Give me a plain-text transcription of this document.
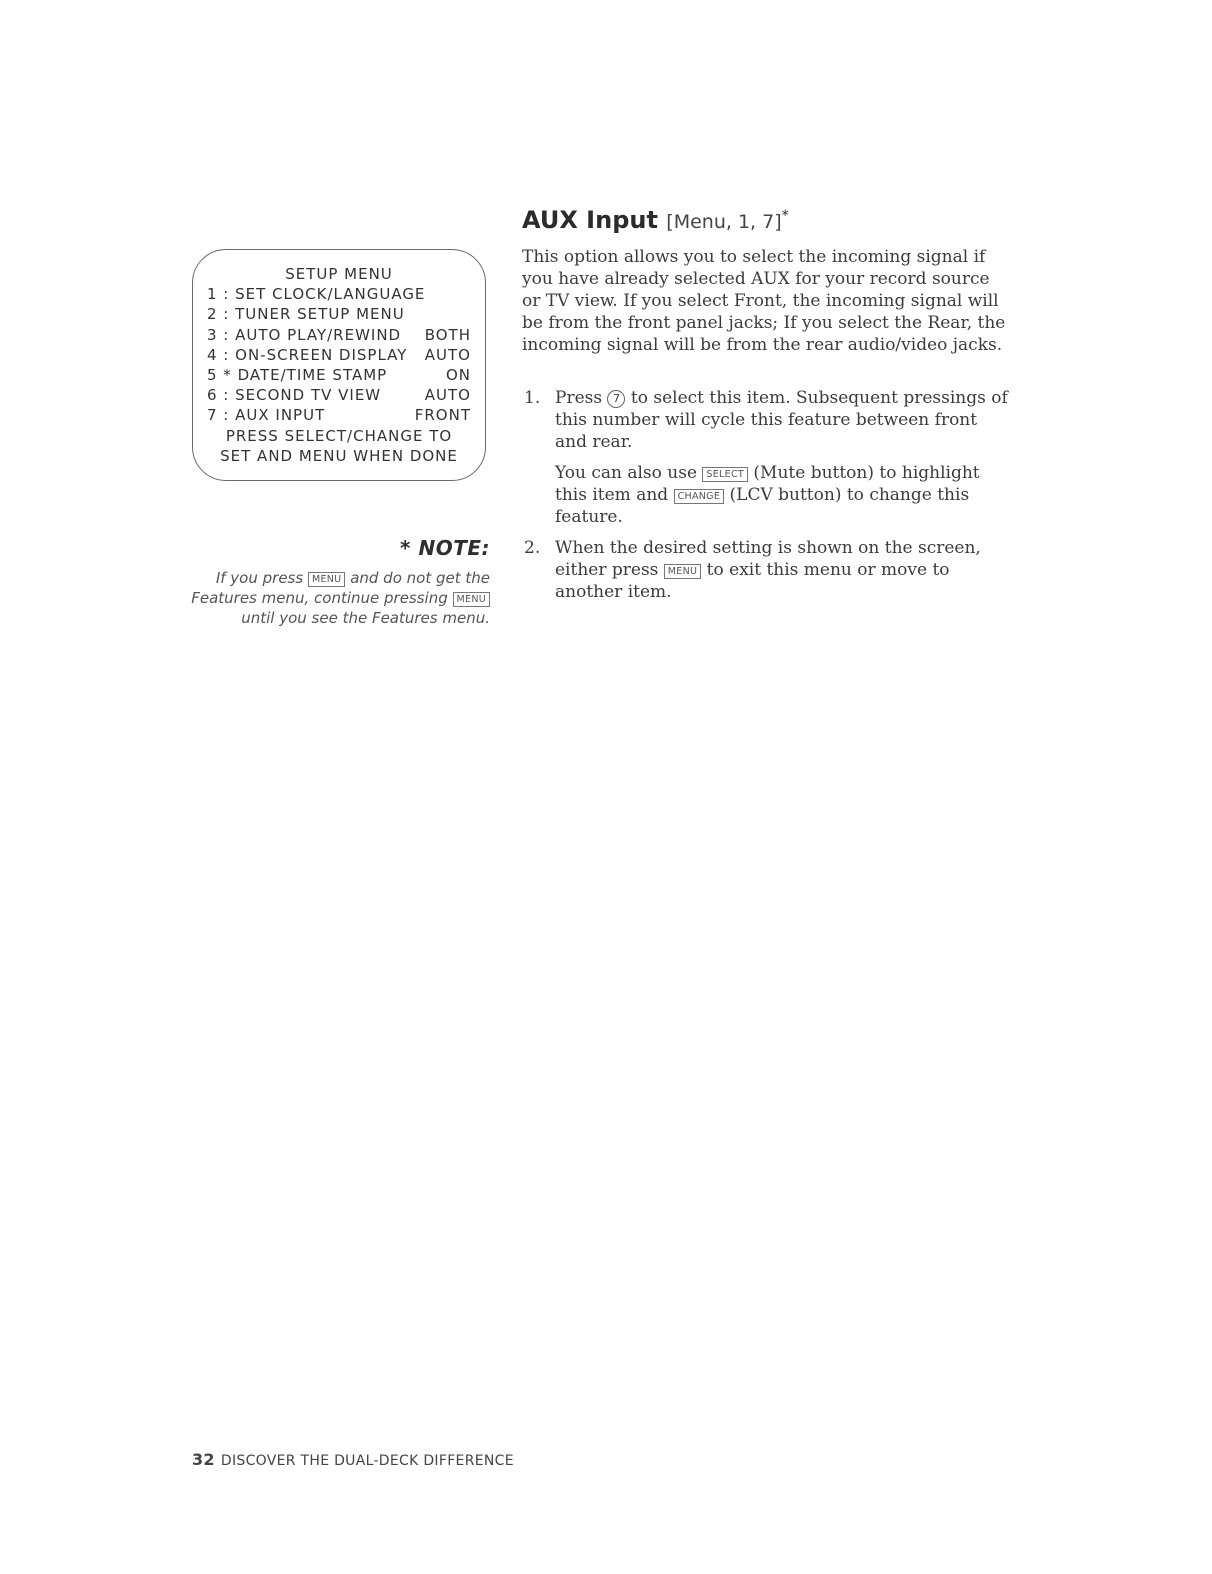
SETUP MENU
1 : SET CLOCK/LANGUAGE
2 : TUNER SETUP MENU
3 : AUTO PLAY/REWIND BOTH
4 : ON-SCREEN DISPLAY AUTO
5 * DATE/TIME STAMP	ON
6 : SECOND TV VIEW	AUTO
7 : AUX INPUT	FRONT
PRESS SELECT/CHANGE TO
SET AND MENU WHEN DONE
* NOTE:
If you press MENU and do not get the Features menu, continue pressing MENU until you see the Features menu.
AUX Input [Menu, 1, 7]*

This option allows you to select the incoming signal if you have already selected AUX for your record source or TV view. If you select Front, the incoming signal will be from the front panel jacks; If you select the Rear, the incoming signal will be from the rear audio/video jacks.

1. Press 7 to select this item. Subsequent pressings of this number will cycle this feature between front and rear.

You can also use SELECT (Mute button) to highlight this item and CHANGE (LCV button) to change this feature.

2. When the desired setting is shown on the screen, either press MENU to exit this menu or move to another item.

32 DISCOVER THE DUAL-DECK DIFFERENCE
